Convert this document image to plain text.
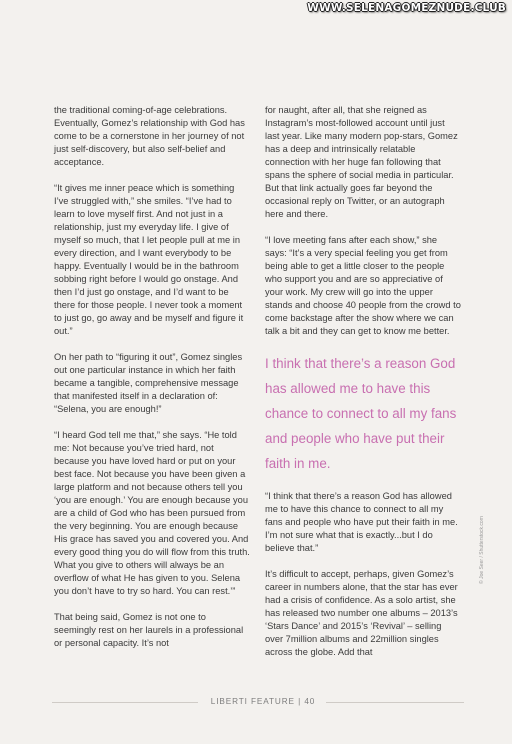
WWW.SELENAGOMEZNUDE.CLUB

the traditional coming-of-age celebrations. Eventually, Gomez’s relationship with God has come to be a cornerstone in her journey of not just self-discovery, but also self-belief and acceptance.

“It gives me inner peace which is something I’ve struggled with,” she smiles. “I’ve had to learn to love myself first. And not just in a relationship, just my everyday life. I give of myself so much, that I let people pull at me in every direction, and I want everybody to be happy. Eventually I would be in the bathroom sobbing right before I would go onstage. And then I’d just go onstage, and I’d want to be there for those people. I never took a moment to just go, go away and be myself and figure it out.”

On her path to “figuring it out”, Gomez singles out one particular instance in which her faith became a tangible, comprehensive message that manifested itself in a declaration of: “Selena, you are enough!”

“I heard God tell me that,” she says. “He told me: Not because you’ve tried hard, not because you have loved hard or put on your best face. Not because you have been given a large platform and not because others tell you ‘you are enough.’ You are enough because you are a child of God who has been pursued from the very beginning. You are enough because His grace has saved you and covered you. And every good thing you do will flow from this truth. What you give to others will always be an overflow of what He has given to you. Selena you don’t have to try so hard. You can rest.’”

That being said, Gomez is not one to seemingly rest on her laurels in a professional or personal capacity. It’s not

for naught, after all, that she reigned as Instagram’s most-followed account until just last year. Like many modern pop-stars, Gomez has a deep and intrinsically relatable connection with her huge fan following that spans the sphere of social media in particular. But that link actually goes far beyond the occasional reply on Twitter, or an autograph here and there.

“I love meeting fans after each show,” she says: “It’s a very special feeling you get from being able to get a little closer to the people who support you and are so appreciative of your work. My crew will go into the upper stands and choose 40 people from the crowd to come backstage after the show where we can talk a bit and they can get to know me better.

I think that there’s a reason God has allowed me to have this chance to connect to all my fans and people who have put their faith in me.

“I think that there’s a reason God has allowed me to have this chance to connect to all my fans and people who have put their faith in me. I’m not sure what that is exactly...but I do believe that.”

It’s difficult to accept, perhaps, given Gomez’s career in numbers alone, that the star has ever had a crisis of confidence. As a solo artist, she has released two number one albums – 2013’s ‘Stars Dance’ and 2015’s ‘Revival’ – selling over 7million albums and 22million singles across the globe. Add that

© Joe Seer / Shutterstock.com
LIBERTI FEATURE | 40
